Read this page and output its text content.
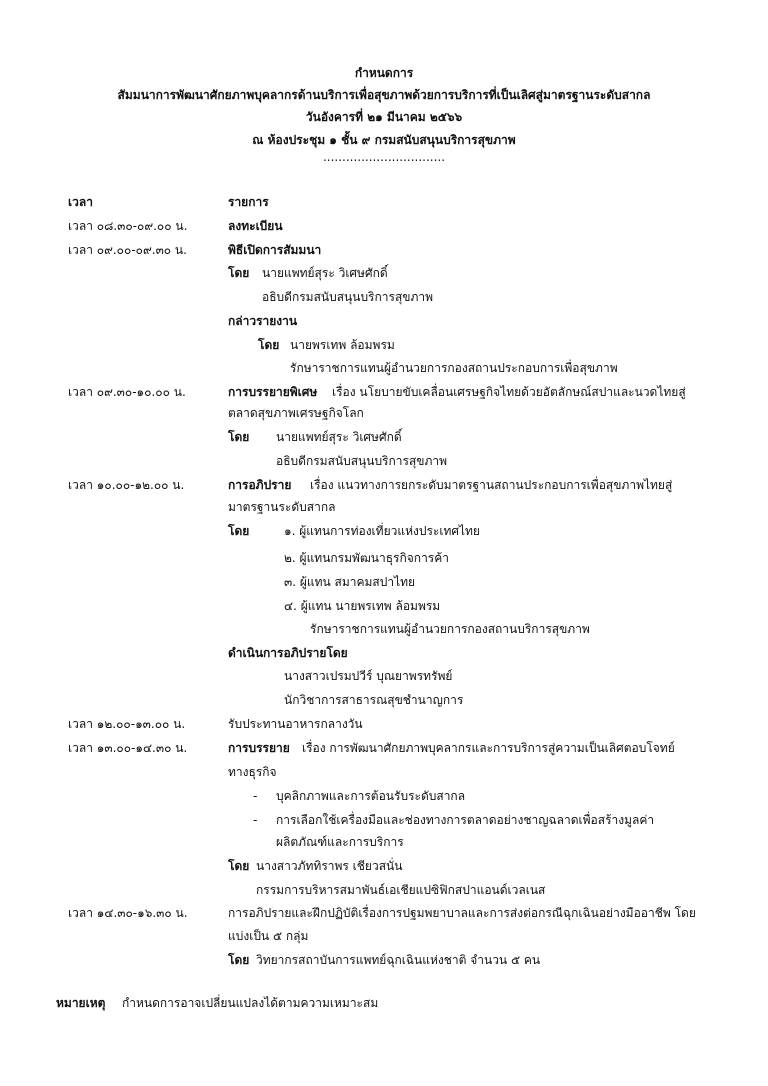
กำหนดการ
สัมมนาการพัฒนาศักยภาพบุคลากรด้านบริการเพื่อสุขภาพด้วยการบริการที่เป็นเลิศสู่มาตรฐานระดับสากล
วันอังคารที่ ๒๑ มีนาคม ๒๕๖๖
ณ ห้องประชุม ๑ ชั้น ๙ กรมสนับสนุนบริการสุขภาพ
................................
เวลา	รายการ
เวลา ๐๘.๓๐-๐๙.๐๐ น.	ลงทะเบียน
เวลา ๐๙.๐๐-๐๙.๓๐ น.	พิธีเปิดการสัมมนา
โดย นายแพทย์สุระ วิเศษศักดิ์
อธิบดีกรมสนับสนุนบริการสุขภาพ
กล่าวรายงาน
โดย นายพรเทพ ล้อมพรม
รักษาราชการแทนผู้อำนวยการกองสถานประกอบการเพื่อสุขภาพ
เวลา ๐๙.๓๐-๑๐.๐๐ น.	การบรรยายพิเศษ เรื่อง นโยบายขับเคลื่อนเศรษฐกิจไทยด้วยอัตลักษณ์สปาและนวดไทยสู่
ตลาดสุขภาพเศรษฐกิจโลก
โดย นายแพทย์สุระ วิเศษศักดิ์
อธิบดีกรมสนับสนุนบริการสุขภาพ
เวลา ๑๐.๐๐-๑๒.๐๐ น.	การอภิปราย เรื่อง แนวทางการยกระดับมาตรฐานสถานประกอบการเพื่อสุขภาพไทยสู่
มาตรฐานระดับสากล
โดย	๑. ผู้แทนการท่องเที่ยวแห่งประเทศไทย
๒. ผู้แทนกรมพัฒนาธุรกิจการค้า
๓. ผู้แทน สมาคมสปาไทย
๔. ผู้แทน นายพรเทพ ล้อมพรม
รักษาราชการแทนผู้อำนวยการกองสถานบริการสุขภาพ
ดำเนินการอภิปรายโดย
นางสาวเปรมปวีร์ บุณยาพรทรัพย์
นักวิชาการสาธารณสุขชำนาญการ
เวลา ๑๒.๐๐-๑๓.๐๐ น.	รับประทานอาหารกลางวัน
เวลา ๑๓.๐๐-๑๔.๓๐ น.	การบรรยาย เรื่อง การพัฒนาศักยภาพบุคลากรและการบริการสู่ความเป็นเลิศตอบโจทย์
ทางธุรกิจ
- บุคลิกภาพและการต้อนรับระดับสากล
- การเลือกใช้เครื่องมือและช่องทางการตลาดอย่างชาญฉลาดเพื่อสร้างมูลค่า
ผลิตภัณฑ์และการบริการ
โดย นางสาวภัททิราพร เชียวสนั่น
กรรมการบริหารสมาพันธ์เอเชียแปซิฟิกสปาแอนด์เวลเนส
เวลา ๑๔.๓๐-๑๖.๓๐ น.	การอภิปรายและฝึกปฏิบัติเรื่องการปฐมพยาบาลและการส่งต่อกรณีฉุกเฉินอย่างมืออาชีพ โดย
แบ่งเป็น ๕ กลุ่ม
โดย วิทยากรสถาบันการแพทย์ฉุกเฉินแห่งชาติ จำนวน ๕ คน
หมายเหตุ กำหนดการอาจเปลี่ยนแปลงได้ตามความเหมาะสม
